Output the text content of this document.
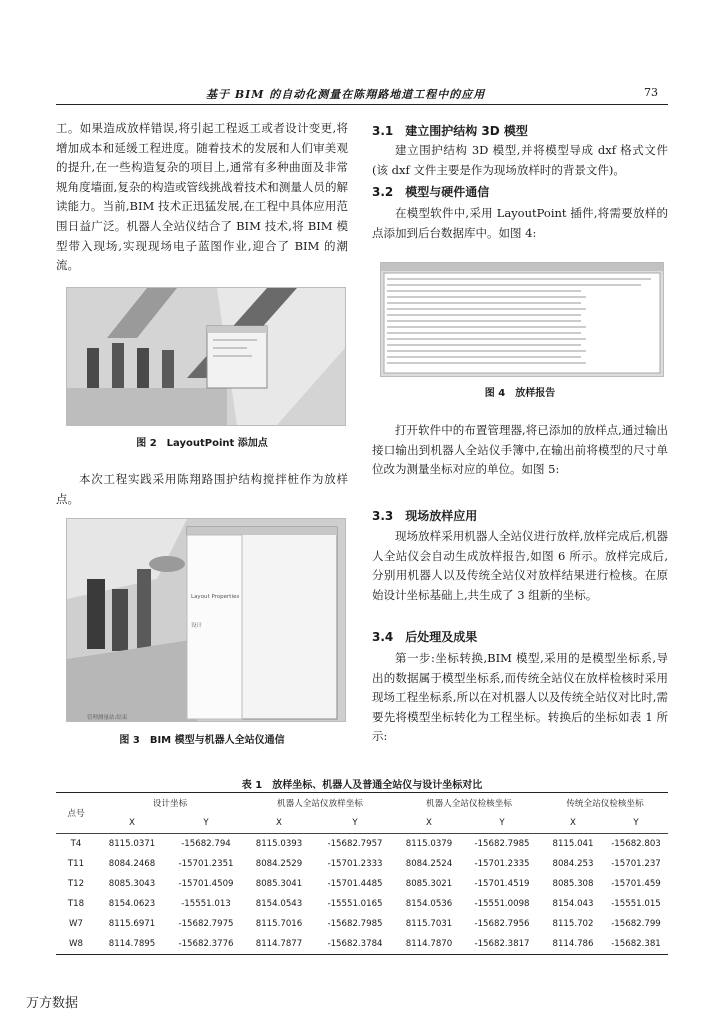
基于 BIM 的自动化测量在陈翔路地道工程中的应用	73
工。如果造成放样错误,将引起工程返工或者设计变更,将增加成本和延缓工程进度。随着技术的发展和人们审美观的提升,在一些构造复杂的项目上,通常有多种曲面及非常规角度墙面,复杂的构造或管线挑战着技术和测量人员的解读能力。当前,BIM 技术正迅猛发展,在工程中具体应用范围日益广泛。机器人全站仪结合了 BIM 技术,将 BIM 模型带入现场,实现现场电子蓝图作业,迎合了 BIM 的潮流。
图 2　LayoutPoint 添加点
本次工程实践采用陈翔路围护结构搅拌桩作为放样点。
Layout Properties
设计
管理测量站:结束
图 3　BIM 模型与机器人全站仪通信
3.1　建立围护结构 3D 模型
建立围护结构 3D 模型,并将模型导成 dxf 格式文件(该 dxf 文件主要是作为现场放样时的背景文件)。
3.2　模型与硬件通信
在模型软件中,采用 LayoutPoint 插件,将需要放样的点添加到后台数据库中。如图 4:
图 4　放样报告
打开软件中的布置管理器,将已添加的放样点,通过输出接口输出到机器人全站仪手簿中,在输出前将模型的尺寸单位改为测量坐标对应的单位。如图 5:
3.3　现场放样应用
现场放样采用机器人全站仪进行放样,放样完成后,机器人全站仪会自动生成放样报告,如图 6 所示。放样完成后,分别用机器人以及传统全站仪对放样结果进行检核。在原始设计坐标基础上,共生成了 3 组新的坐标。
3.4　后处理及成果
第一步:坐标转换,BIM 模型,采用的是模型坐标系,导出的数据属于模型坐标系,而传统全站仪在放样检核时采用现场工程坐标系,所以在对机器人以及传统全站仪对比时,需要先将模型坐标转化为工程坐标。转换后的坐标如表 1 所示:
表 1　放样坐标、机器人及普通全站仪与设计坐标对比
点号	设计坐标		机器人全站仪放样坐标		机器人全站仪检核坐标		传统全站仪检核坐标	
	X	Y	X	Y	X	Y	X	Y
T4	8115.0371	-15682.794	8115.0393	-15682.7957	8115.0379	-15682.7985	8115.041	-15682.803
T11	8084.2468	-15701.2351	8084.2529	-15701.2333	8084.2524	-15701.2335	8084.253	-15701.237
T12	8085.3043	-15701.4509	8085.3041	-15701.4485	8085.3021	-15701.4519	8085.308	-15701.459
T18	8154.0623	-15551.013	8154.0543	-15551.0165	8154.0536	-15551.0098	8154.043	-15551.015
W7	8115.6971	-15682.7975	8115.7016	-15682.7985	8115.7031	-15682.7956	8115.702	-15682.799
W8	8114.7895	-15682.3776	8114.7877	-15682.3784	8114.7870	-15682.3817	8114.786	-15682.381
万方数据
